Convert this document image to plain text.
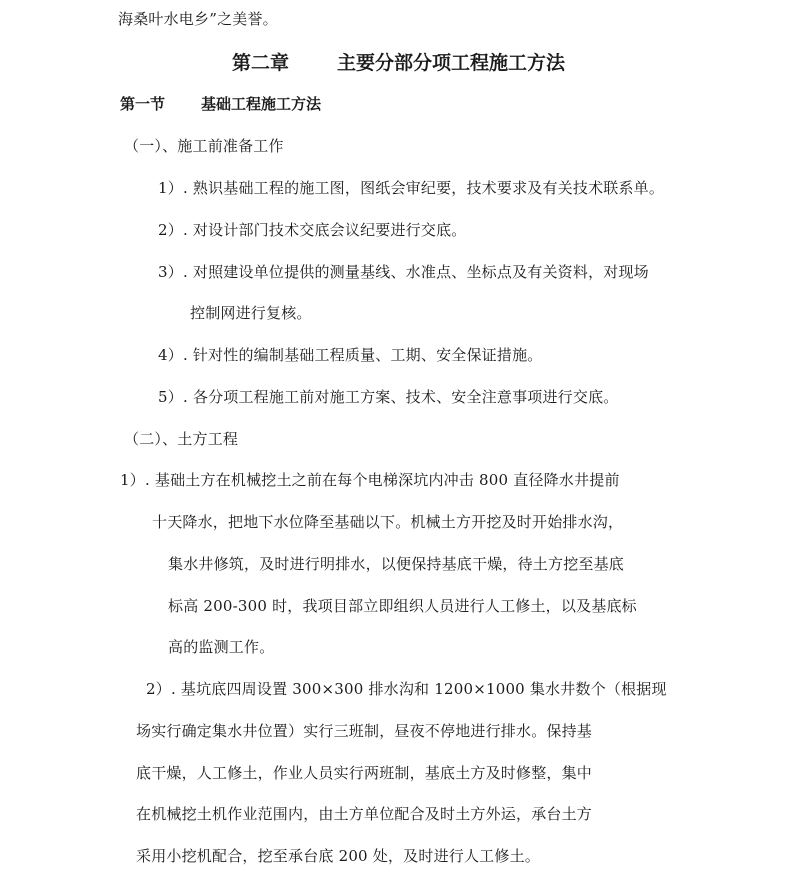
海桑叶水电乡”之美誉。
第二章	主要分部分项工程施工方法
第一节 基础工程施工方法
（一）、施工前准备工作
1）. 熟识基础工程的施工图，图纸会审纪要，技术要求及有关技术联系单。
2）. 对设计部门技术交底会议纪要进行交底。
3）. 对照建设单位提供的测量基线、水准点、坐标点及有关资料，对现场
控制网进行复核。
4）. 针对性的编制基础工程质量、工期、安全保证措施。
5）. 各分项工程施工前对施工方案、技术、安全注意事项进行交底。
（二）、土方工程
1）. 基础土方在机械挖土之前在每个电梯深坑内冲击 800 直径降水井提前
十天降水，把地下水位降至基础以下。机械土方开挖及时开始排水沟，
集水井修筑，及时进行明排水，以便保持基底干燥，待土方挖至基底
标高 200-300 时，我项目部立即组织人员进行人工修土，以及基底标
高的监测工作。
2）. 基坑底四周设置 300×300 排水沟和 1200×1000 集水井数个（根据现
场实行确定集水井位置）实行三班制，昼夜不停地进行排水。保持基
底干燥，人工修土，作业人员实行两班制，基底土方及时修整，集中
在机械挖土机作业范围内，由土方单位配合及时土方外运，承台土方
采用小挖机配合，挖至承台底 200 处，及时进行人工修土。
